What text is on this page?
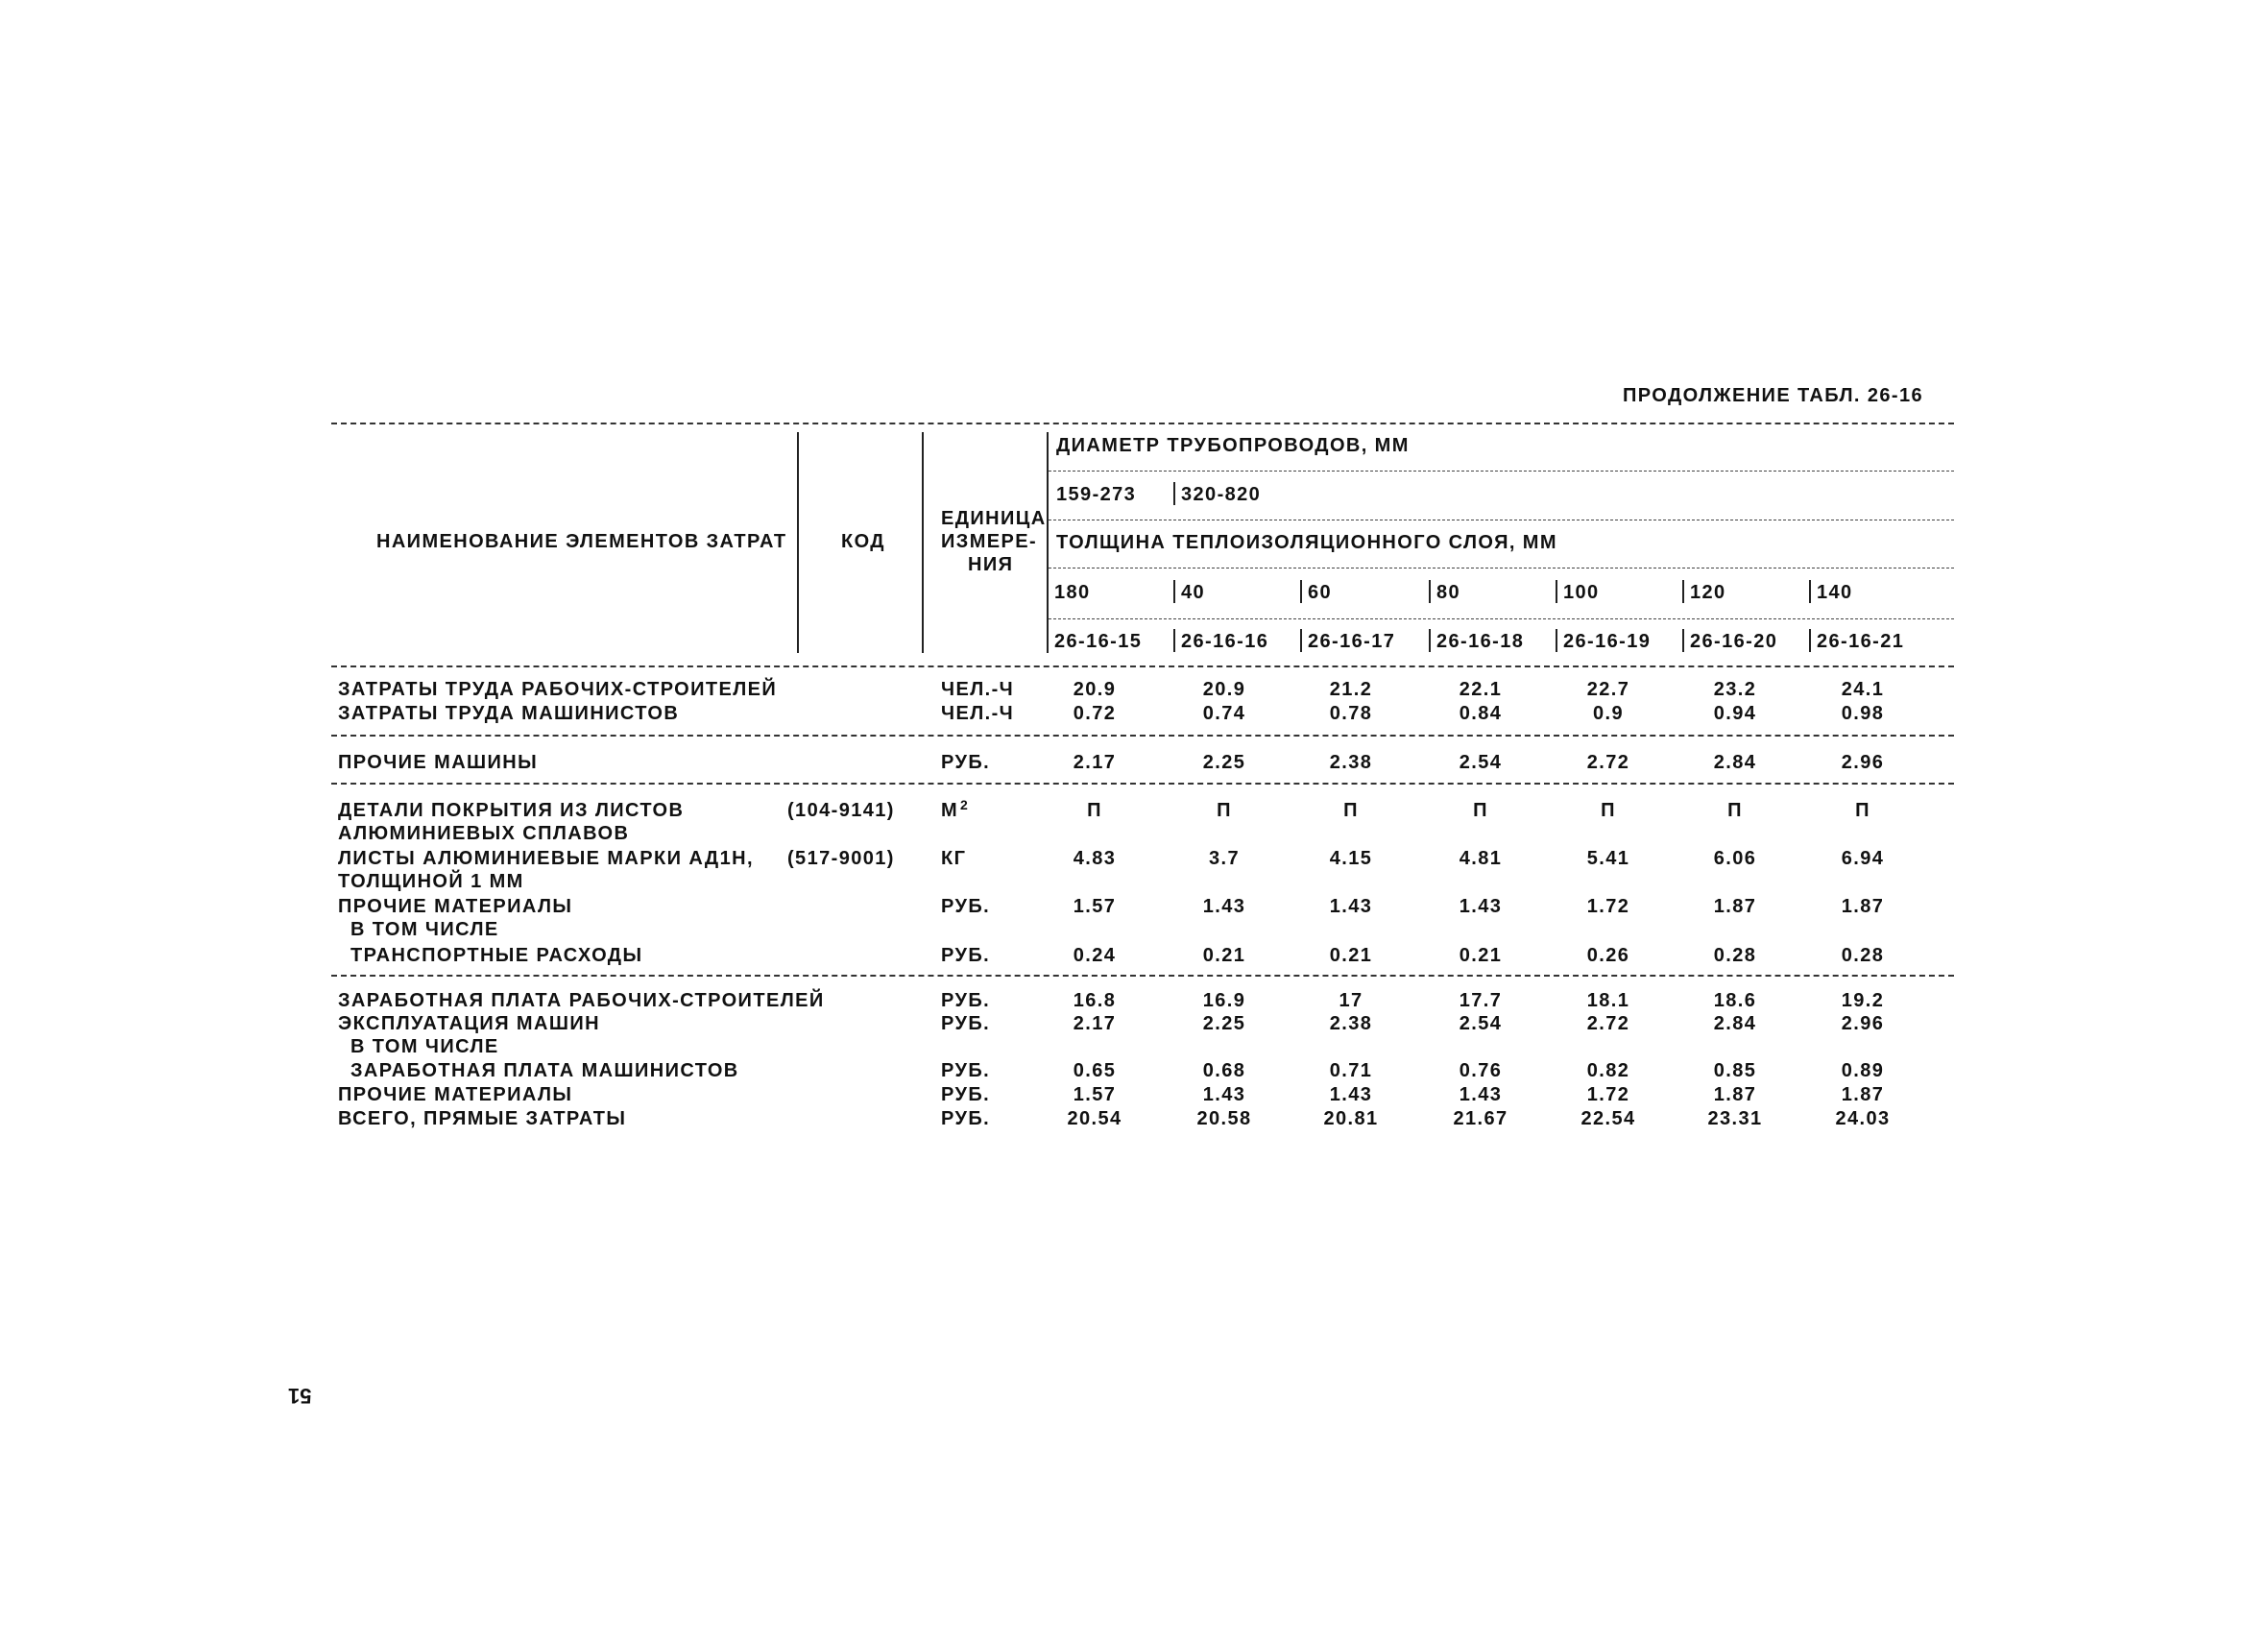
ПРОДОЛЖЕНИЕ ТАБЛ. 26-16
НАИМЕНОВАНИЕ ЭЛЕМЕНТОВ ЗАТРАТ	КОД
ЕДИНИЦА
ИЗМЕРЕ-
НИЯ
ДИАМЕТР ТРУБОПРОВОДОВ, ММ
159-273 320-820
ТОЛЩИНА ТЕПЛОИЗОЛЯЦИОННОГО СЛОЯ, ММ
180	40	60	80	100	120	140
26-16-15 26-16-16 26-16-17 26-16-18 26-16-19 26-16-20 26-16-21
ЗАТРАТЫ ТРУДА РАБОЧИХ-СТРОИТЕЛЕЙ	ЧЕЛ.-Ч	20.9	20.9	21.2	22.1	22.7	23.2	24.1
ЗАТРАТЫ ТРУДА МАШИНИСТОВ	ЧЕЛ.-Ч	0.72	0.74	0.78	0.84	0.9	0.94	0.98
ПРОЧИЕ МАШИНЫ	РУБ.	2.17	2.25	2.38	2.54	2.72	2.84	2.96
ДЕТАЛИ ПОКРЫТИЯ ИЗ ЛИСТОВ
АЛЮМИНИЕВЫХ СПЛАВОВ
(104-9141) М 2	П	П	П	П	П	П	П
ЛИСТЫ АЛЮМИНИЕВЫЕ МАРКИ АД1Н,
ТОЛЩИНОЙ 1 ММ
(517-9001) КГ	4.83	3.7	4.15	4.81	5.41	6.06	6.94
ПРОЧИЕ МАТЕРИАЛЫ
В ТОМ ЧИСЛЕ
РУБ.	1.57	1.43	1.43	1.43	1.72	1.87	1.87
ТРАНСПОРТНЫЕ РАСХОДЫ	РУБ.	0.24	0.21	0.21	0.21	0.26	0.28	0.28
ЗАРАБОТНАЯ ПЛАТА РАБОЧИХ-СТРОИТЕЛЕЙ	РУБ.	16.8	16.9	17	17.7	18.1	18.6	19.2
ЭКСПЛУАТАЦИЯ МАШИН
В ТОМ ЧИСЛЕ
РУБ.	2.17	2.25	2.38	2.54	2.72	2.84	2.96
ЗАРАБОТНАЯ ПЛАТА МАШИНИСТОВ	РУБ.	0.65	0.68	0.71	0.76	0.82	0.85	0.89
ПРОЧИЕ МАТЕРИАЛЫ	РУБ.	1.57	1.43	1.43	1.43	1.72	1.87	1.87
ВСЕГО, ПРЯМЫЕ ЗАТРАТЫ	РУБ.	20.54	20.58	20.81	21.67	22.54	23.31	24.03
51
